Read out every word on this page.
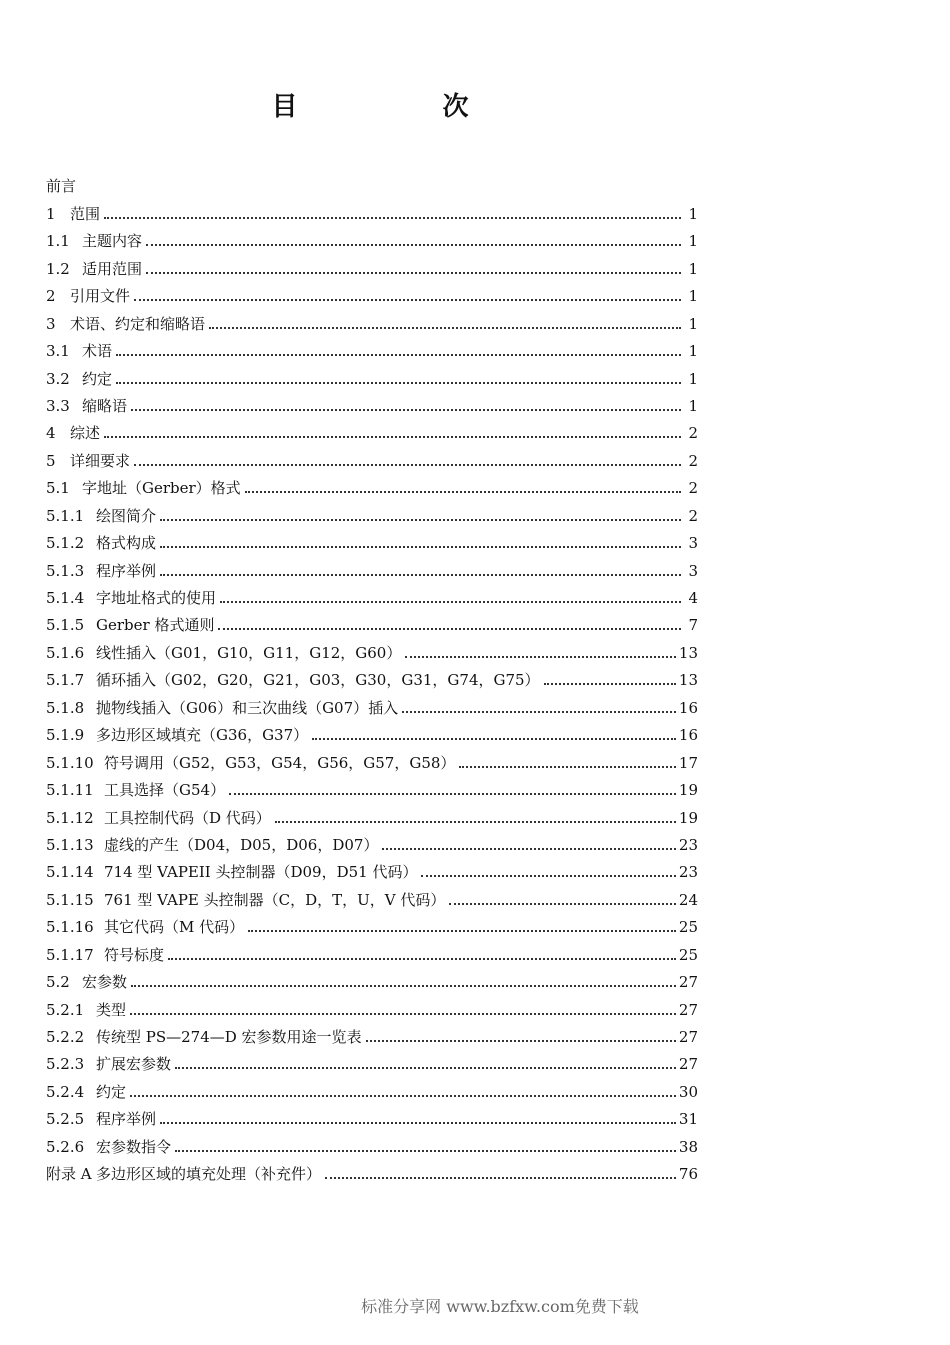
目 次
前言
1 范围	1
1.1 主题内容	1
1.2 适用范围	1
2 引用文件	1
3 术语、约定和缩略语	1
3.1 术语	1
3.2 约定	1
3.3 缩略语	1
4 综述	2
5 详细要求	2
5.1 字地址（Gerber）格式	2
5.1.1 绘图简介	2
5.1.2 格式构成	3
5.1.3 程序举例	3
5.1.4 字地址格式的使用	4
5.1.5 Gerber 格式通则	7
5.1.6 线性插入（G01，G10，G11，G12，G60）	13
5.1.7 循环插入（G02，G20，G21，G03，G30，G31，G74，G75）	13
5.1.8 抛物线插入（G06）和三次曲线（G07）插入	16
5.1.9 多边形区域填充（G36，G37）	16
5.1.10 符号调用（G52，G53，G54，G56，G57，G58）	17
5.1.11 工具选择（G54）	19
5.1.12 工具控制代码（D 代码）	19
5.1.13 虚线的产生（D04，D05，D06，D07）	23
5.1.14 714 型 VAPEII 头控制器（D09，D51 代码）	23
5.1.15 761 型 VAPE 头控制器（C，D，T，U，V 代码）	24
5.1.16 其它代码（M 代码）	25
5.1.17 符号标度	25
5.2 宏参数	27
5.2.1 类型	27
5.2.2 传统型 PS—274—D 宏参数用途一览表	27
5.2.3 扩展宏参数	27
5.2.4 约定	30
5.2.5 程序举例	31
5.2.6 宏参数指令	38
附录 A 多边形区域的填充处理（补充件）	76
标准分享网 www.bzfxw.com免费下载
